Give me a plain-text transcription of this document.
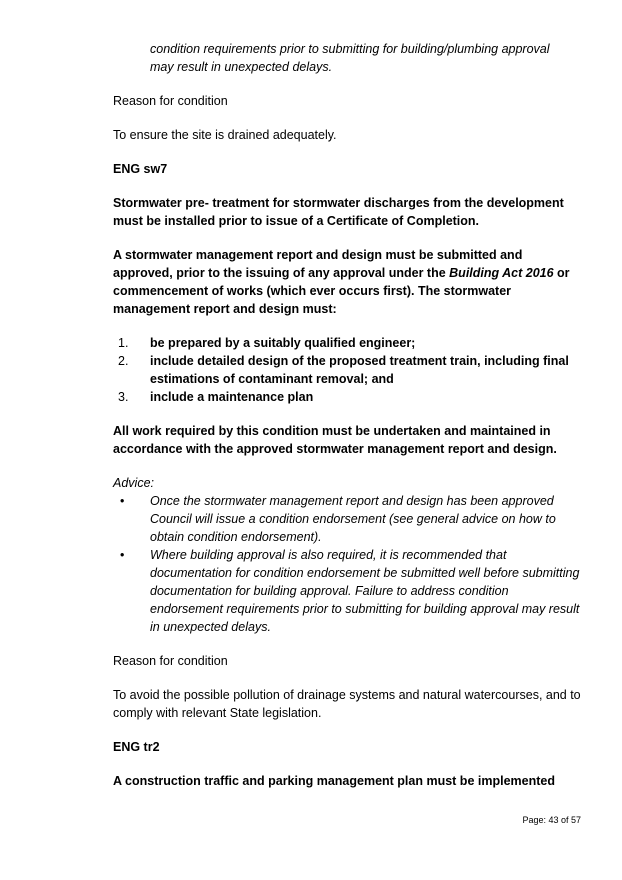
condition requirements prior to submitting for building/plumbing approval

may result in unexpected delays.

Reason for condition

To ensure the site is drained adequately.

ENG sw7

Stormwater pre- treatment for stormwater discharges from the development must be installed prior to issue of a Certificate of Completion.

A stormwater management report and design must be submitted and approved, prior to the issuing of any approval under the Building Act 2016 or commencement of works (which ever occurs first). The stormwater management report and design must:

1. be prepared by a suitably qualified engineer;
2. include detailed design of the proposed treatment train, including final estimations of contaminant removal; and
3. include a maintenance plan

All work required by this condition must be undertaken and maintained in accordance with the approved stormwater management report and design.

Advice:

• Once the stormwater management report and design has been approved Council will issue a condition endorsement (see general advice on how to obtain condition endorsement).
• Where building approval is also required, it is recommended that documentation for condition endorsement be submitted well before submitting documentation for building approval. Failure to address condition endorsement requirements prior to submitting for building approval may result in unexpected delays.

Reason for condition

To avoid the possible pollution of drainage systems and natural watercourses, and to comply with relevant State legislation.

ENG tr2

A construction traffic and parking management plan must be implemented

Page: 43 of 57
